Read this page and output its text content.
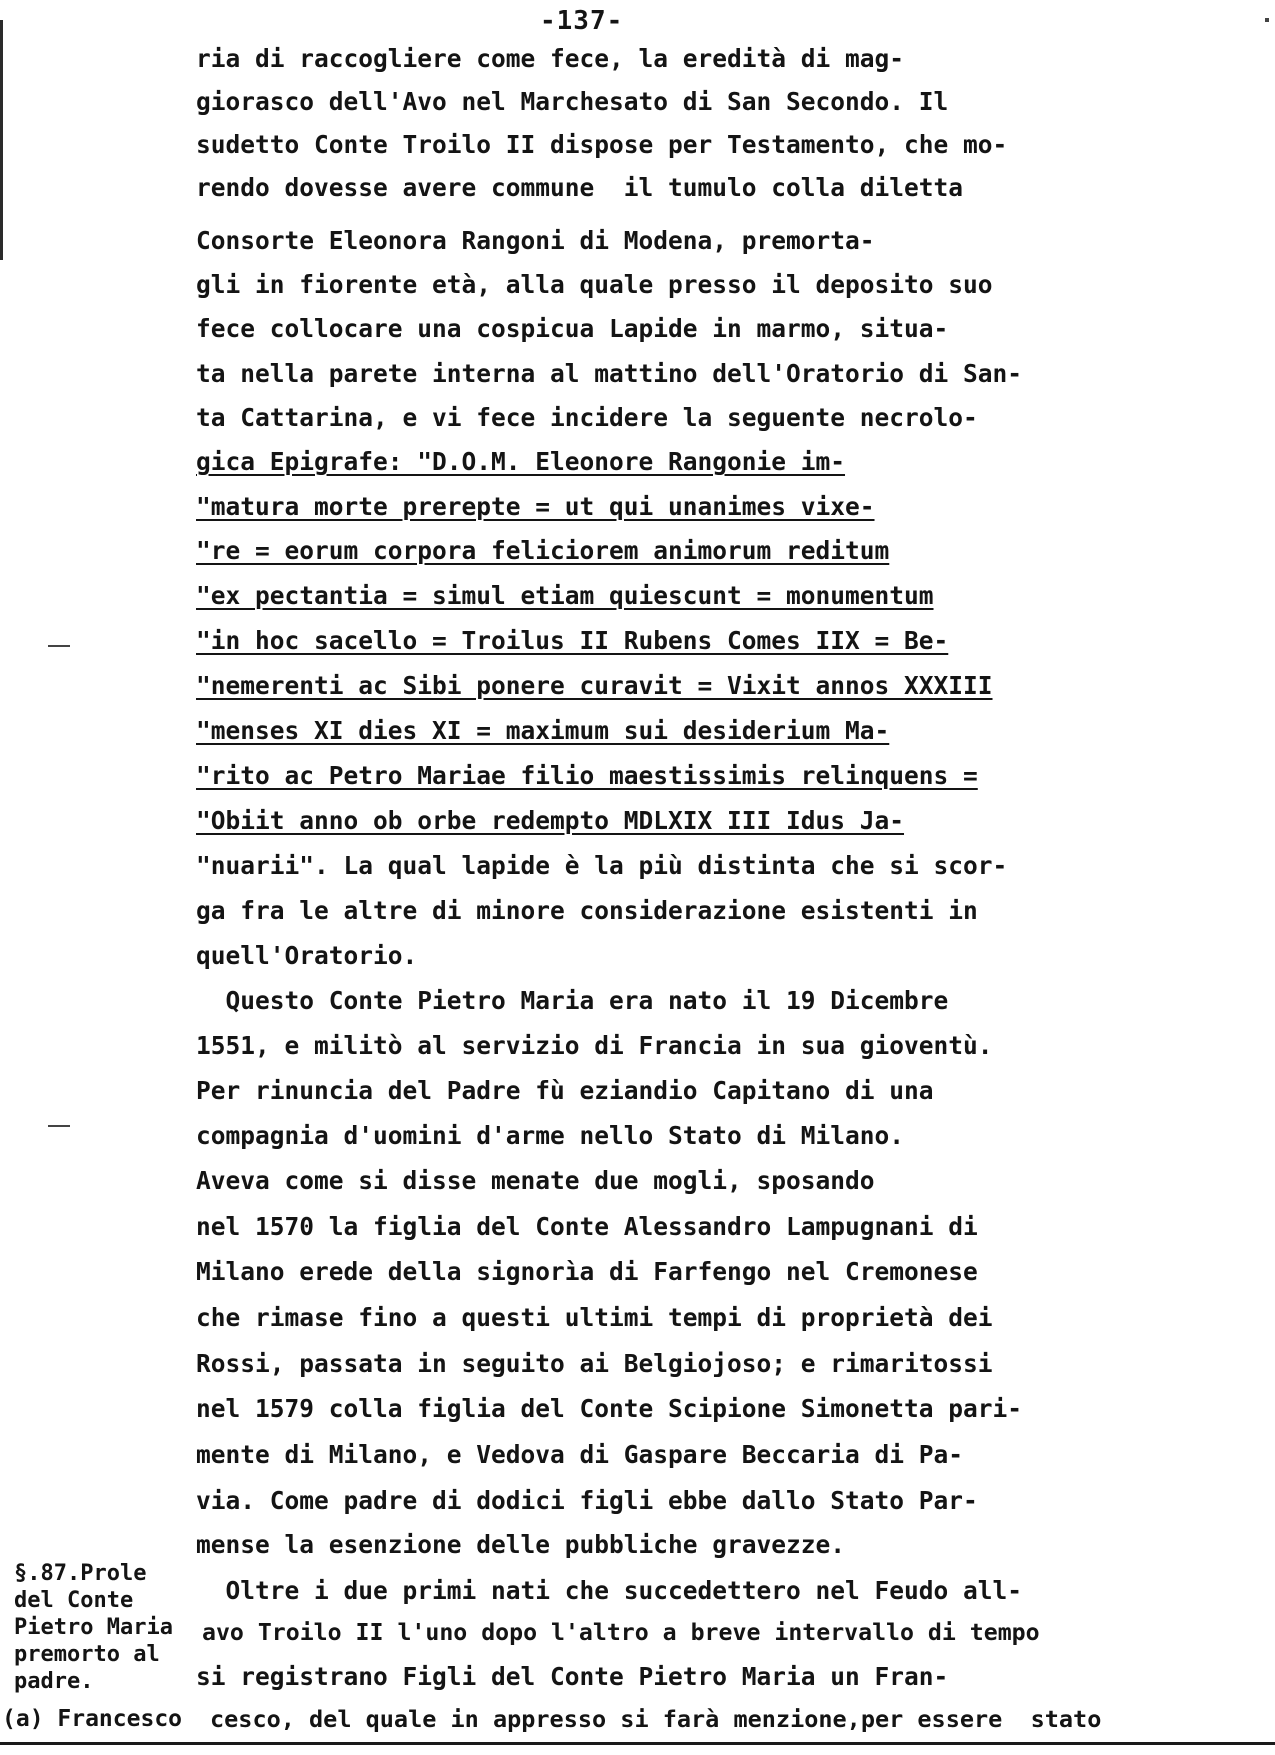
-137-
ria di raccogliere come fece, la eredità di mag-
giorasco dell'Avo nel Marchesato di San Secondo. Il
sudetto Conte Troilo II dispose per Testamento, che mo-
rendo dovesse avere commune  il tumulo colla diletta
Consorte Eleonora Rangoni di Modena, premorta-
gli in fiorente età, alla quale presso il deposito suo
fece collocare una cospicua Lapide in marmo, situa-
ta nella parete interna al mattino dell'Oratorio di San-
ta Cattarina, e vi fece incidere la seguente necrolo-
gica Epigrafe: "D.O.M. Eleonore Rangonie im-
"matura morte prerepte = ut qui unanimes vixe-
"re = eorum corpora feliciorem animorum reditum
"ex pectantia = simul etiam quiescunt = monumentum
"in hoc sacello = Troilus II Rubens Comes IIX = Be-
"nemerenti ac Sibi ponere curavit = Vixit annos XXXIII
"menses XI dies XI = maximum sui desiderium Ma-
"rito ac Petro Mariae filio maestissimis relinquens =
"Obiit anno ob orbe redempto MDLXIX III Idus Ja-
"nuarii". La qual lapide è la più distinta che si scor-
ga fra le altre di minore considerazione esistenti in
quell'Oratorio.
Questo Conte Pietro Maria era nato il 19 Dicembre
1551, e militò al servizio di Francia in sua gioventù.
Per rinuncia del Padre fù eziandio Capitano di una
compagnia d'uomini d'arme nello Stato di Milano.
Aveva come si disse menate due mogli, sposando
nel 1570 la figlia del Conte Alessandro Lampugnani di
Milano erede della signorìa di Farfengo nel Cremonese
che rimase fino a questi ultimi tempi di proprietà dei
Rossi, passata in seguito ai Belgiojoso; e rimaritossi
nel 1579 colla figlia del Conte Scipione Simonetta pari-
mente di Milano, e Vedova di Gaspare Beccaria di Pa-
via. Come padre di dodici figli ebbe dallo Stato Par-
mense la esenzione delle pubbliche gravezze.
Oltre i due primi nati che succedettero nel Feudo all-
avo Troilo II l'uno dopo l'altro a breve intervallo di tempo
si registrano Figli del Conte Pietro Maria un Fran-
cesco, del quale in appresso si farà menzione,per essere  stato
§.87.Prole
del Conte
Pietro Maria
premorto al
padre.
(a) Francesco
